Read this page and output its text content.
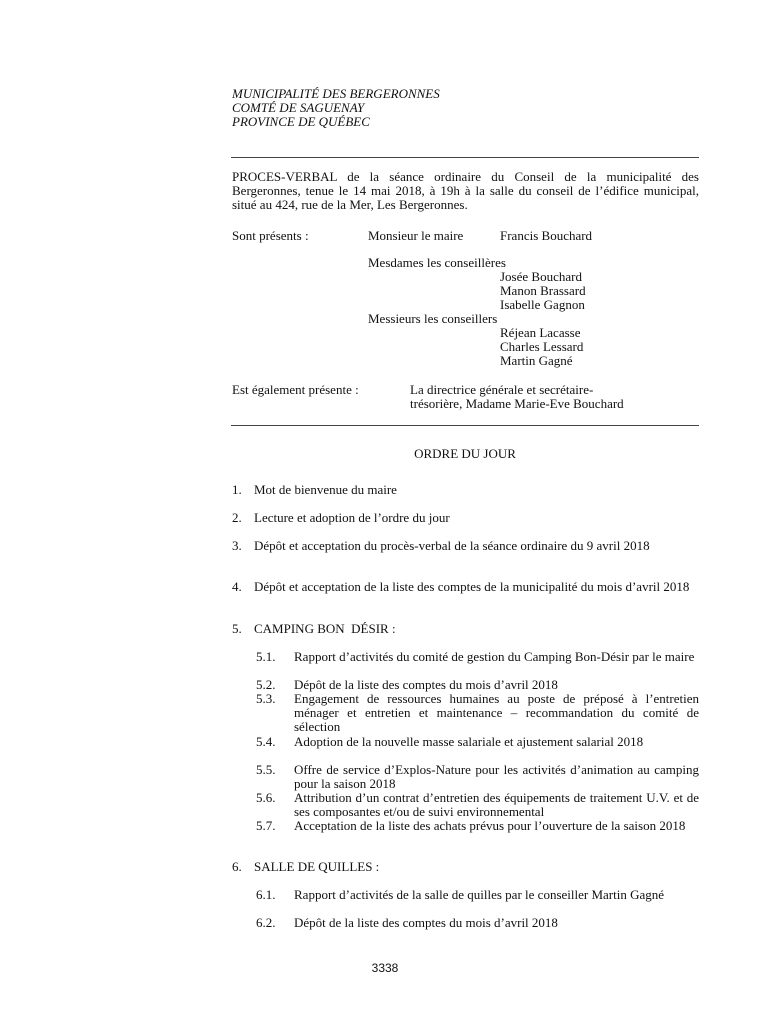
MUNICIPALITÉ DES BERGERONNES
COMTÉ DE SAGUENAY
PROVINCE DE QUÉBEC
PROCES-VERBAL de la séance ordinaire du Conseil de la municipalité des Bergeronnes, tenue le 14 mai 2018, à 19h à la salle du conseil de l’édifice municipal, situé au 424, rue de la Mer, Les Bergeronnes.
Sont présents :	Monsieur le maire	Francis Bouchard
Mesdames les conseillères
Josée Bouchard
Manon Brassard
Isabelle Gagnon
Messieurs les conseillers
Réjean Lacasse
Charles Lessard
Martin Gagné
Est également présente :	La directrice générale et secrétaire-
trésorière, Madame Marie-Eve Bouchard
ORDRE DU JOUR
1. Mot de bienvenue du maire
2. Lecture et adoption de l’ordre du jour
3. Dépôt et acceptation du procès-verbal de la séance ordinaire du 9 avril 2018
4. Dépôt et acceptation de la liste des comptes de la municipalité du mois d’avril 2018
5. CAMPING BON  DÉSIR :
5.1. Rapport d’activités du comité de gestion du Camping Bon-Désir par le maire
5.2. Dépôt de la liste des comptes du mois d’avril 2018
5.3. Engagement de ressources humaines au poste de préposé à l’entretien ménager et entretien et maintenance – recommandation du comité de sélection
5.4. Adoption de la nouvelle masse salariale et ajustement salarial 2018
5.5. Offre de service d’Explos-Nature pour les activités d’animation au camping pour la saison 2018
5.6. Attribution d’un contrat d’entretien des équipements de traitement U.V. et de ses composantes et/ou de suivi environnemental
5.7. Acceptation de la liste des achats prévus pour l’ouverture de la saison 2018
6. SALLE DE QUILLES :
6.1. Rapport d’activités de la salle de quilles par le conseiller Martin Gagné
6.2. Dépôt de la liste des comptes du mois d’avril 2018
3338
